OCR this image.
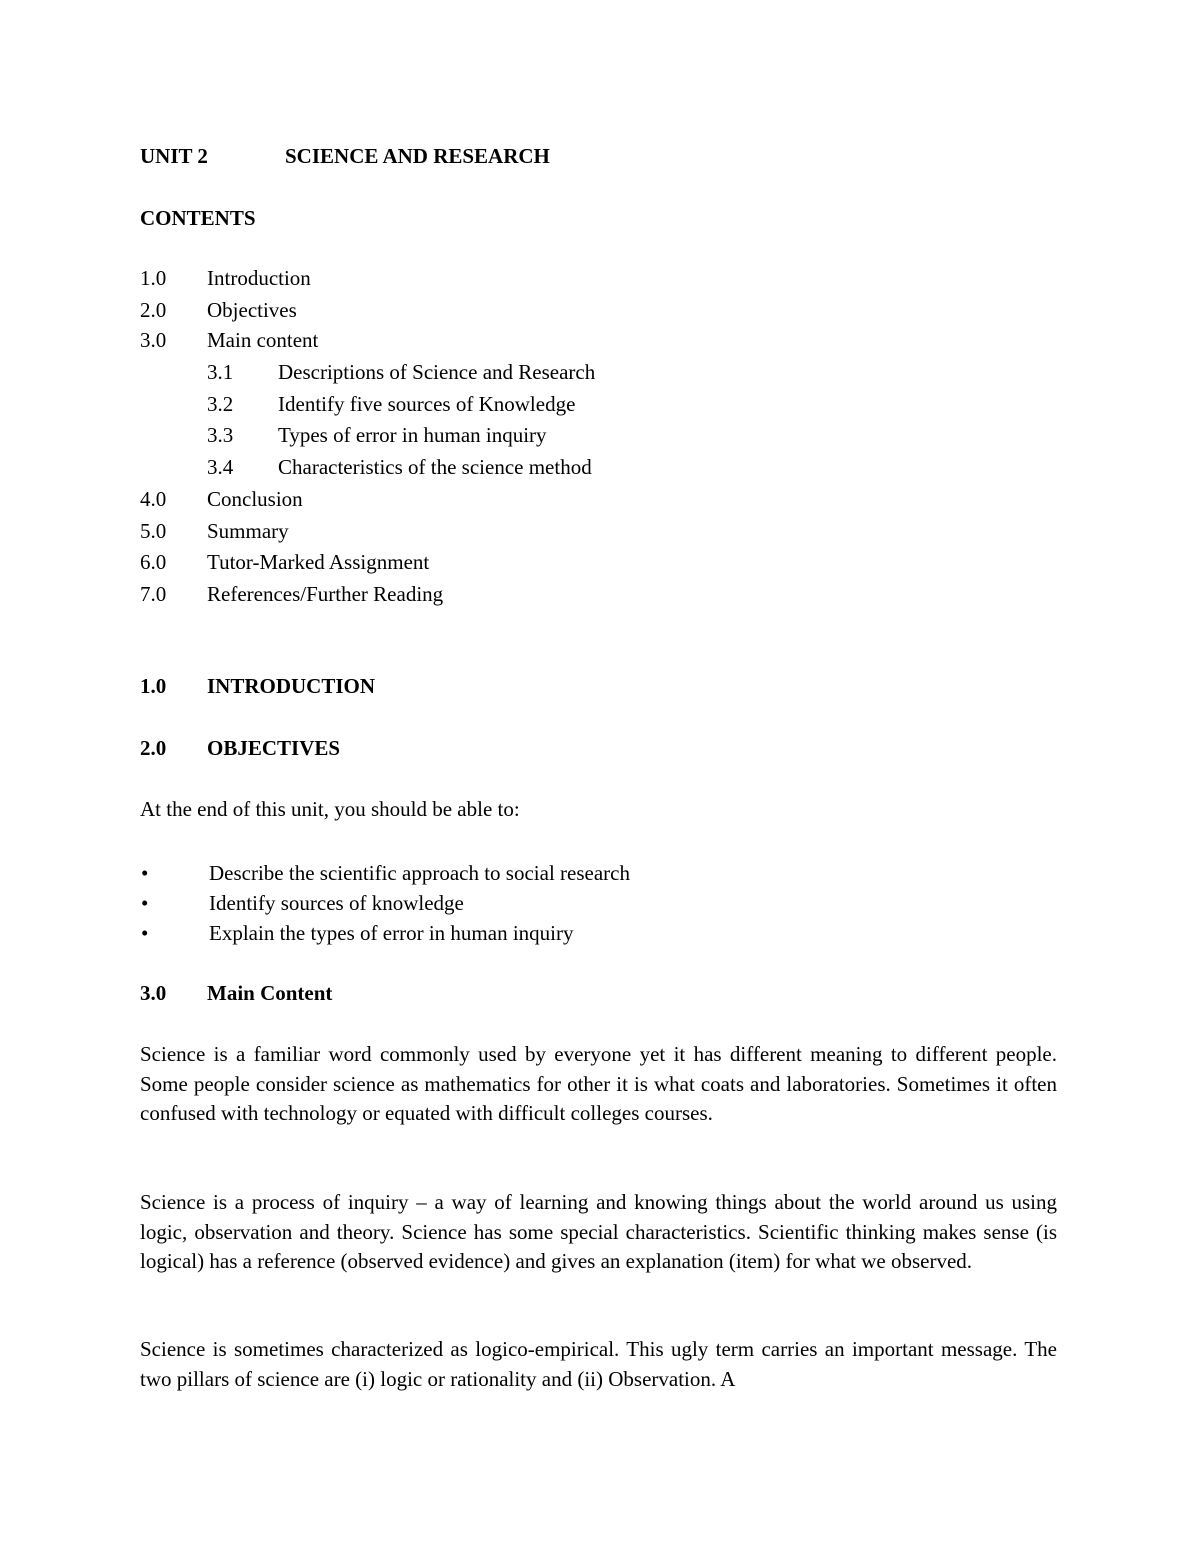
UNIT 2	SCIENCE AND RESEARCH
CONTENTS
1.0 Introduction
2.0 Objectives
3.0 Main content
3.1 Descriptions of Science and Research
3.2 Identify five sources of Knowledge
3.3 Types of error in human inquiry
3.4 Characteristics of the science method
4.0 Conclusion
5.0 Summary
6.0 Tutor-Marked Assignment
7.0 References/Further Reading
1.0 INTRODUCTION
2.0 OBJECTIVES
At the end of this unit, you should be able to:
•	Describe the scientific approach to social research
•	Identify sources of knowledge
•	Explain the types of error in human inquiry
3.0 Main Content
Science is a familiar word commonly used by everyone yet it has different meaning to different people. Some people consider science as mathematics for other it is what coats and laboratories. Sometimes it often confused with technology or equated with difficult colleges courses.
Science is a process of inquiry – a way of learning and knowing things about the world around us using logic, observation and theory. Science has some special characteristics. Scientific thinking makes sense (is logical) has a reference (observed evidence) and gives an explanation (item) for what we observed.
Science is sometimes characterized as logico-empirical. This ugly term carries an important message. The two pillars of science are (i) logic or rationality and (ii) Observation. A
